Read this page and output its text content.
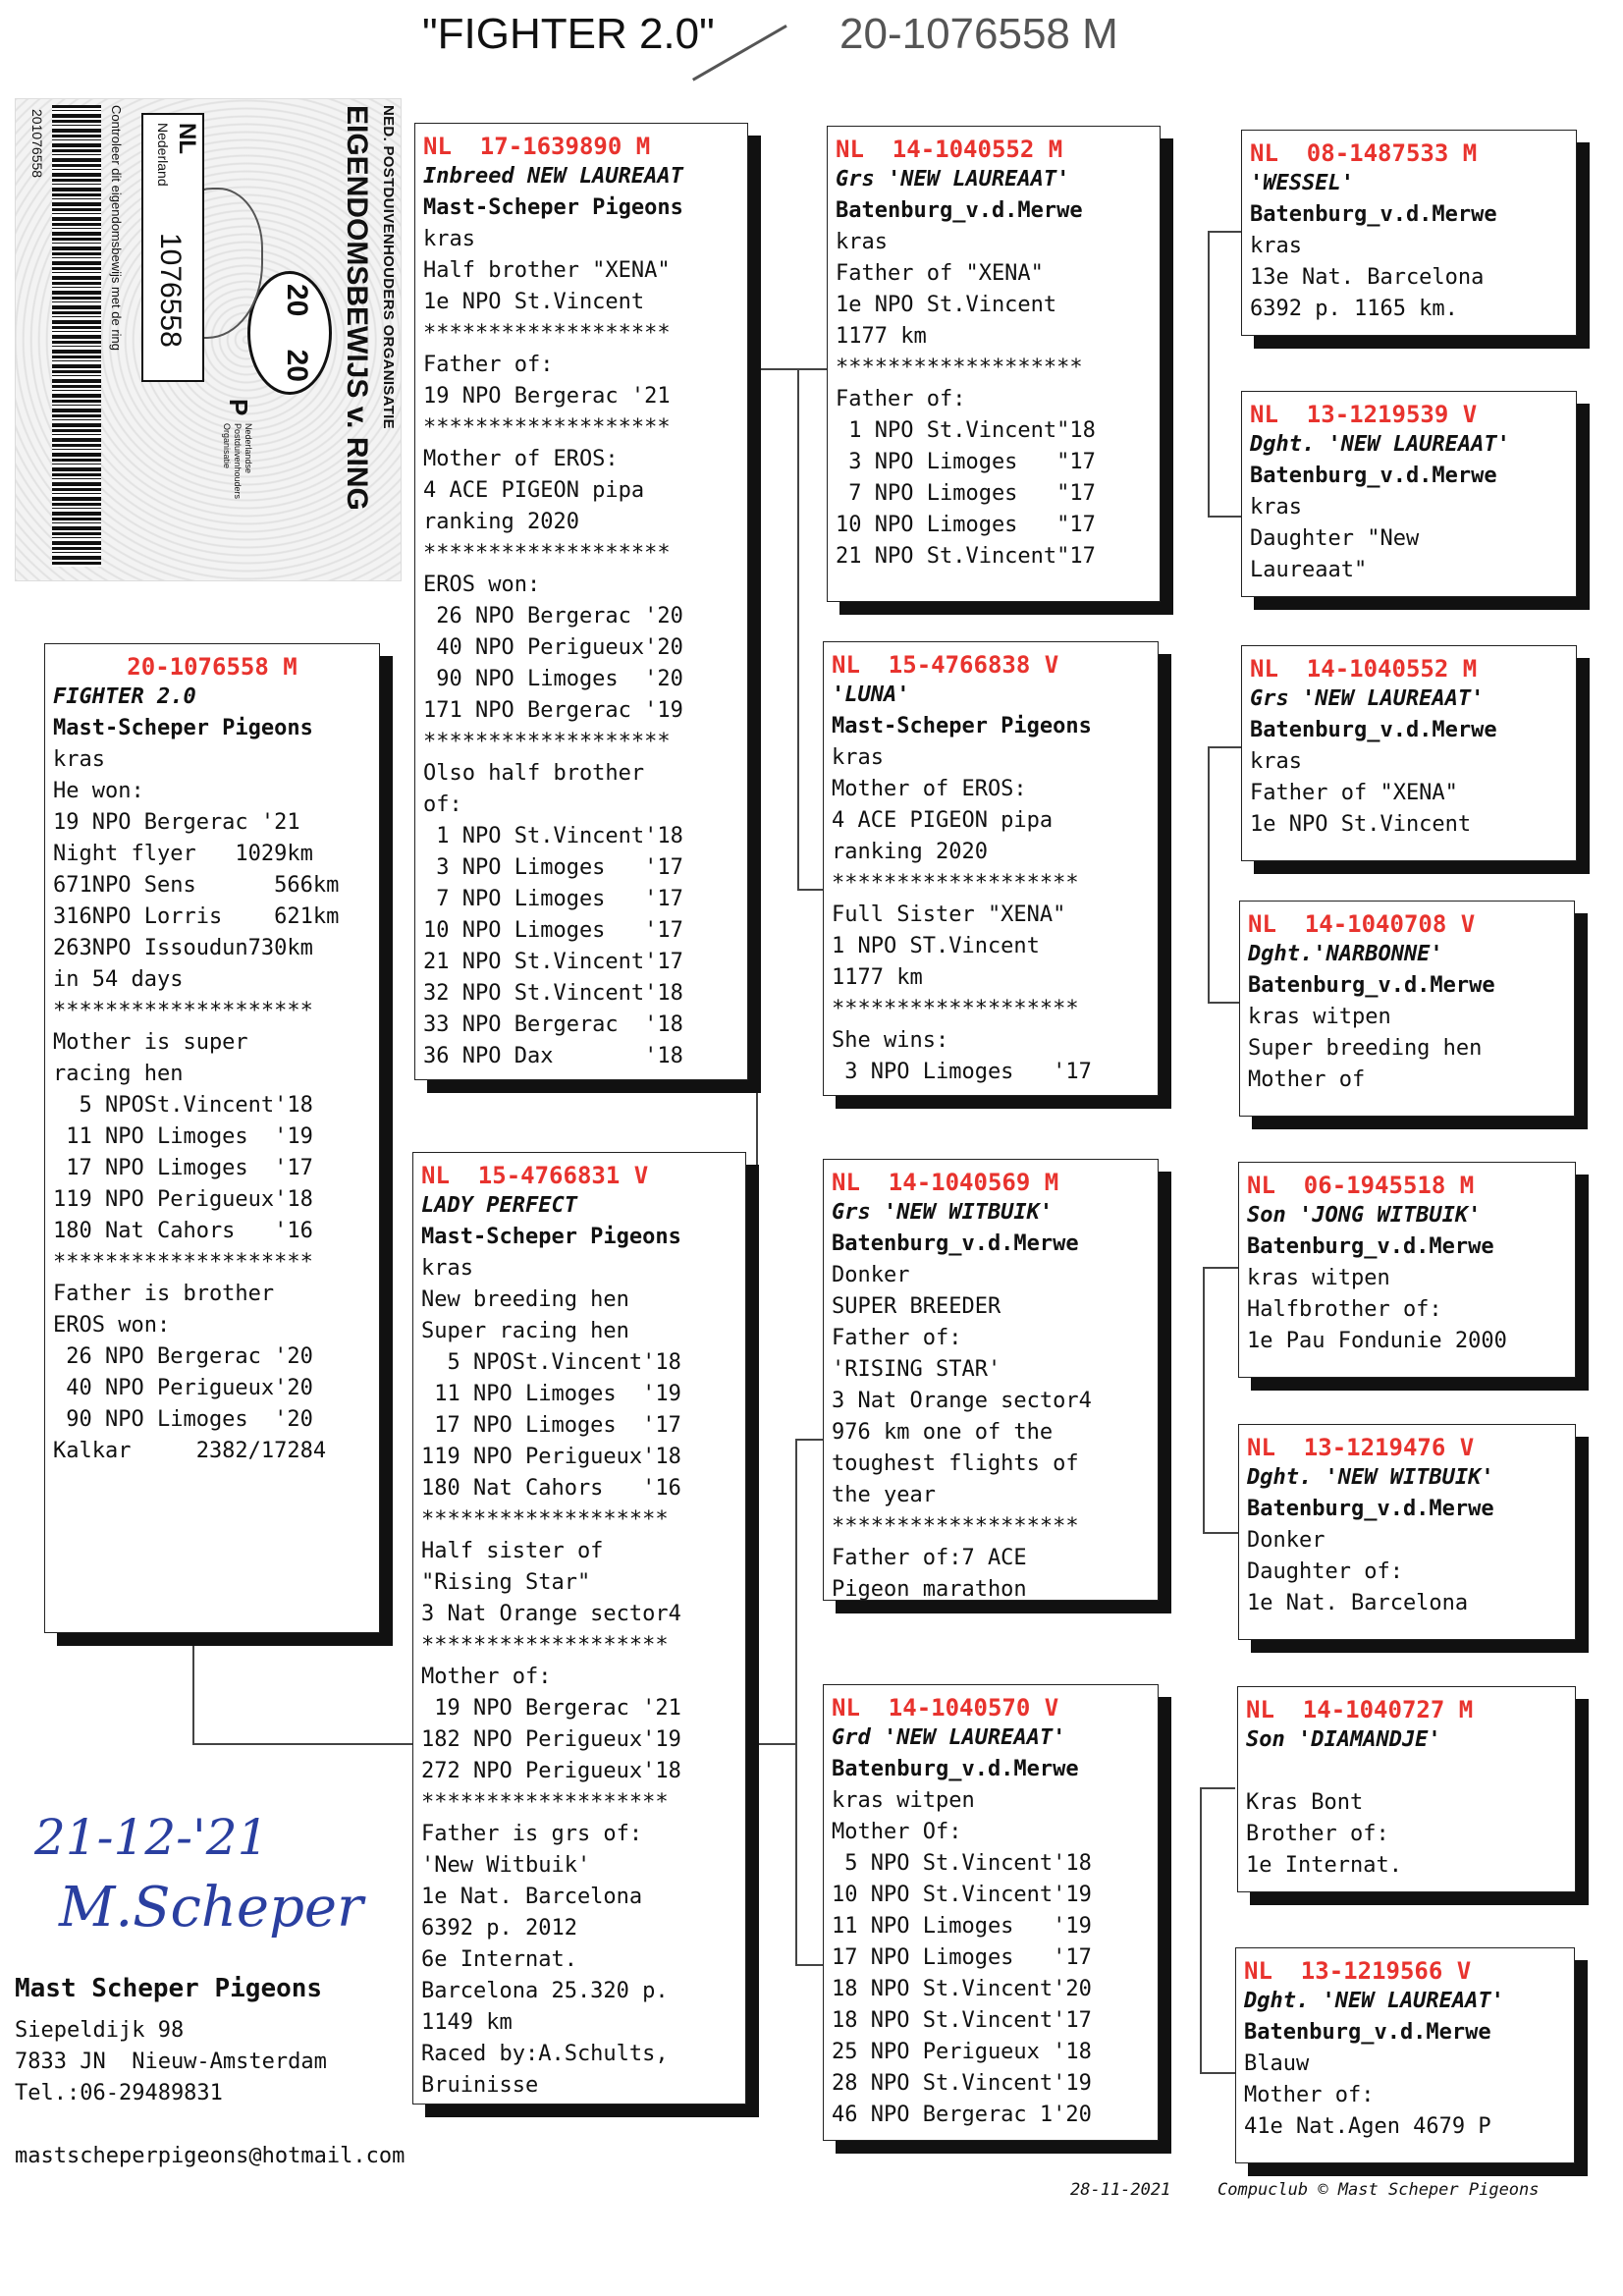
"FIGHTER 2.0"	20-1076558 M
NED. POSTDUIVENHOUDERS ORGANISATIE
EIGENDOMSBEWIJS v. RING
20
20
P
Nederlandse Postduivenhouders Organisatie
NL
Nederland
1076558
Controleer dit eigendomsbewijs met de ring
201076558
20-1076558 M
FIGHTER 2.0
Mast-Scheper Pigeons
kras
He won:
19 NPO Bergerac '21
Night flyer   1029km
671NPO Sens      566km
316NPO Lorris    621km
263NPO Issoudun730km
in 54 days
********************
Mother is super
racing hen
5 NPOSt.Vincent'18
11 NPO Limoges  '19
17 NPO Limoges  '17
119 NPO Perigueux'18
180 Nat Cahors   '16
********************
Father is brother
EROS won:
26 NPO Bergerac '20
40 NPO Perigueux'20
90 NPO Limoges  '20
Kalkar     2382/17284
NL  17-1639890 M
Inbreed NEW LAUREAAT
Mast-Scheper Pigeons
kras
Half brother "XENA"
1e NPO St.Vincent
*******************
Father of:
19 NPO Bergerac '21
*******************
Mother of EROS:
4 ACE PIGEON pipa
ranking 2020
*******************
EROS won:
26 NPO Bergerac '20
40 NPO Perigueux'20
90 NPO Limoges  '20
171 NPO Bergerac '19
*******************
Olso half brother
of:
1 NPO St.Vincent'18
3 NPO Limoges   '17
7 NPO Limoges   '17
10 NPO Limoges   '17
21 NPO St.Vincent'17
32 NPO St.Vincent'18
33 NPO Bergerac  '18
36 NPO Dax       '18
NL  15-4766831 V
LADY PERFECT
Mast-Scheper Pigeons
kras
New breeding hen
Super racing hen
5 NPOSt.Vincent'18
11 NPO Limoges  '19
17 NPO Limoges  '17
119 NPO Perigueux'18
180 Nat Cahors   '16
*******************
Half sister of
"Rising Star"
3 Nat Orange sector4
*******************
Mother of:
19 NPO Bergerac '21
182 NPO Perigueux'19
272 NPO Perigueux'18
*******************
Father is grs of:
'New Witbuik'
1e Nat. Barcelona
6392 p. 2012
6e Internat.
Barcelona 25.320 p.
1149 km
Raced by:A.Schults,
Bruinisse
NL  14-1040552 M
Grs 'NEW LAUREAAT'
Batenburg_v.d.Merwe
kras
Father of "XENA"
1e NPO St.Vincent
1177 km
*******************
Father of:
1 NPO St.Vincent"18
3 NPO Limoges   "17
7 NPO Limoges   "17
10 NPO Limoges   "17
21 NPO St.Vincent"17
NL  15-4766838 V
'LUNA'
Mast-Scheper Pigeons
kras
Mother of EROS:
4 ACE PIGEON pipa
ranking 2020
*******************
Full Sister "XENA"
1 NPO ST.Vincent
1177 km
*******************
She wins:
3 NPO Limoges   '17
NL  14-1040569 M
Grs 'NEW WITBUIK'
Batenburg_v.d.Merwe
Donker
SUPER BREEDER
Father of:
'RISING STAR'
3 Nat Orange sector4
976 km one of the
toughest flights of
the year
*******************
Father of:7 ACE
Pigeon marathon
NL  14-1040570 V
Grd 'NEW LAUREAAT'
Batenburg_v.d.Merwe
kras witpen
Mother Of:
5 NPO St.Vincent'18
10 NPO St.Vincent'19
11 NPO Limoges   '19
17 NPO Limoges   '17
18 NPO St.Vincent'20
18 NPO St.Vincent'17
25 NPO Perigueux '18
28 NPO St.Vincent'19
46 NPO Bergerac 1'20
NL  08-1487533 M
'WESSEL'
Batenburg_v.d.Merwe
kras
13e Nat. Barcelona
6392 p. 1165 km.
NL  13-1219539 V
Dght. 'NEW LAUREAAT'
Batenburg_v.d.Merwe
kras
Daughter "New
Laureaat"
NL  14-1040552 M
Grs 'NEW LAUREAAT'
Batenburg_v.d.Merwe
kras
Father of "XENA"
1e NPO St.Vincent
NL  14-1040708 V
Dght.'NARBONNE'
Batenburg_v.d.Merwe
kras witpen
Super breeding hen
Mother of
NL  06-1945518 M
Son 'JONG WITBUIK'
Batenburg_v.d.Merwe
kras witpen
Halfbrother of:
1e Pau Fondunie 2000
NL  13-1219476 V
Dght. 'NEW WITBUIK'
Batenburg_v.d.Merwe
Donker
Daughter of:
1e Nat. Barcelona
NL  14-1040727 M
Son 'DIAMANDJE'

Kras Bont
Brother of:
1e Internat.
NL  13-1219566 V
Dght. 'NEW LAUREAAT'
Batenburg_v.d.Merwe
Blauw
Mother of:
41e Nat.Agen 4679 P
21-12-'21
M.Scheper
Mast Scheper Pigeons
Siepeldijk 98
7833 JN  Nieuw-Amsterdam
Tel.:06-29489831
mastscheperpigeons@hotmail.com
28-11-2021	Compuclub © Mast Scheper Pigeons
